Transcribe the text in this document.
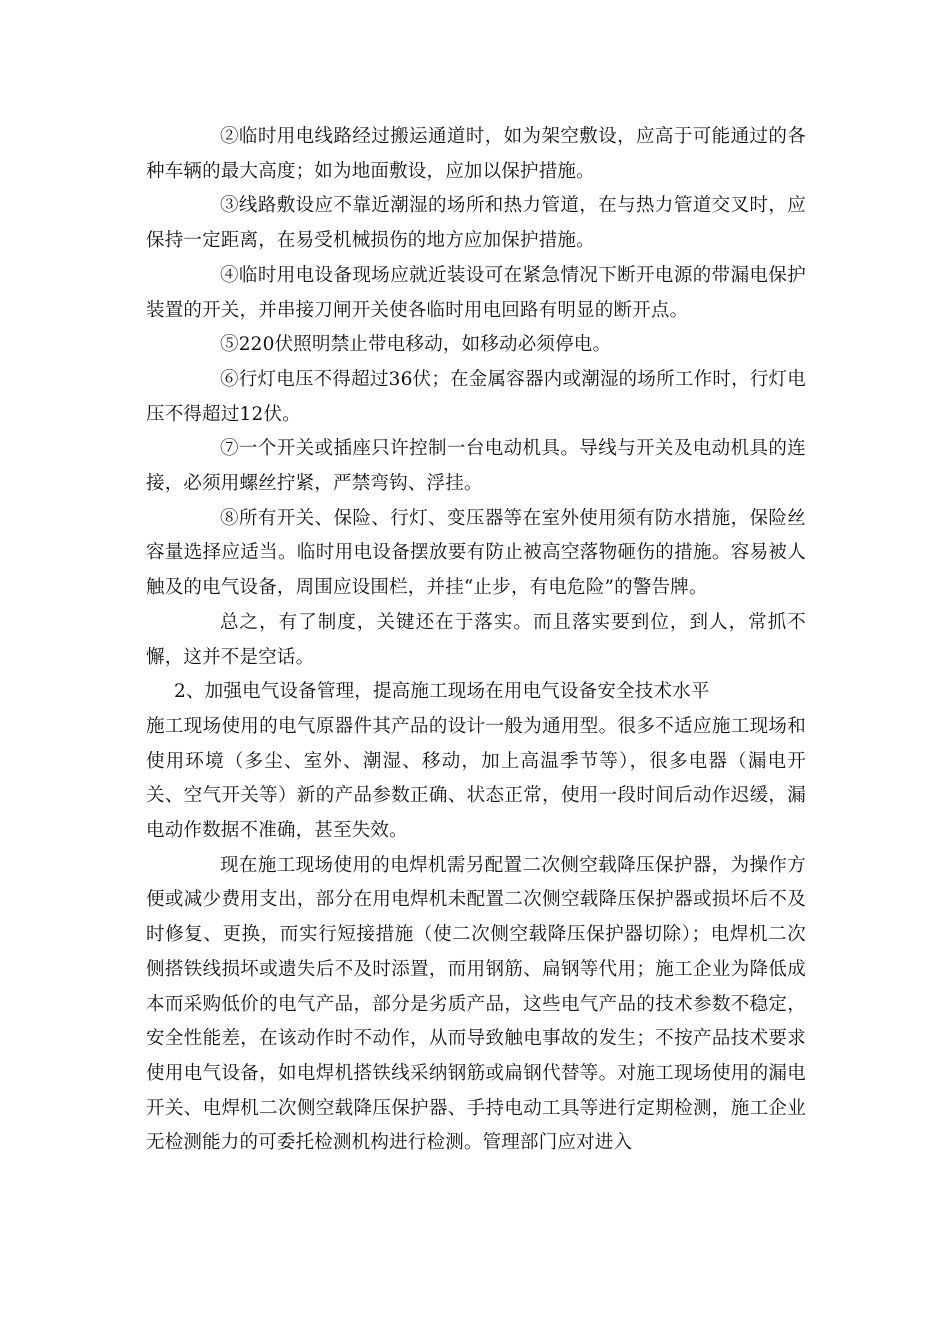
②临时用电线路经过搬运通道时，如为架空敷设，应高于可能通过的各种车辆的最大高度；如为地面敷设，应加以保护措施。

③线路敷设应不靠近潮湿的场所和热力管道，在与热力管道交叉时，应保持一定距离，在易受机械损伤的地方应加保护措施。

④临时用电设备现场应就近装设可在紧急情况下断开电源的带漏电保护装置的开关，并串接刀闸开关使各临时用电回路有明显的断开点。

⑤220伏照明禁止带电移动，如移动必须停电。

⑥行灯电压不得超过36伏；在金属容器内或潮湿的场所工作时，行灯电压不得超过12伏。

⑦一个开关或插座只许控制一台电动机具。导线与开关及电动机具的连接，必须用螺丝拧紧，严禁弯钩、浮挂。

⑧所有开关、保险、行灯、变压器等在室外使用须有防水措施，保险丝容量选择应适当。临时用电设备摆放要有防止被高空落物砸伤的措施。容易被人触及的电气设备，周围应设围栏，并挂“止步，有电危险”的警告牌。

总之，有了制度，关键还在于落实。而且落实要到位，到人，常抓不懈，这并不是空话。

2、加强电气设备管理，提高施工现场在用电气设备安全技术水平

施工现场使用的电气原器件其产品的设计一般为通用型。很多不适应施工现场和使用环境（多尘、室外、潮湿、移动，加上高温季节等），很多电器（漏电开关、空气开关等）新的产品参数正确、状态正常，使用一段时间后动作迟缓，漏电动作数据不准确，甚至失效。

现在施工现场使用的电焊机需另配置二次侧空载降压保护器，为操作方便或减少费用支出，部分在用电焊机未配置二次侧空载降压保护器或损坏后不及时修复、更换，而实行短接措施（使二次侧空载降压保护器切除）；电焊机二次侧搭铁线损坏或遗失后不及时添置，而用钢筋、扁钢等代用；施工企业为降低成本而采购低价的电气产品，部分是劣质产品，这些电气产品的技术参数不稳定，安全性能差，在该动作时不动作，从而导致触电事故的发生；不按产品技术要求使用电气设备，如电焊机搭铁线采纳钢筋或扁钢代替等。对施工现场使用的漏电开关、电焊机二次侧空载降压保护器、手持电动工具等进行定期检测，施工企业无检测能力的可委托检测机构进行检测。管理部门应对进入
